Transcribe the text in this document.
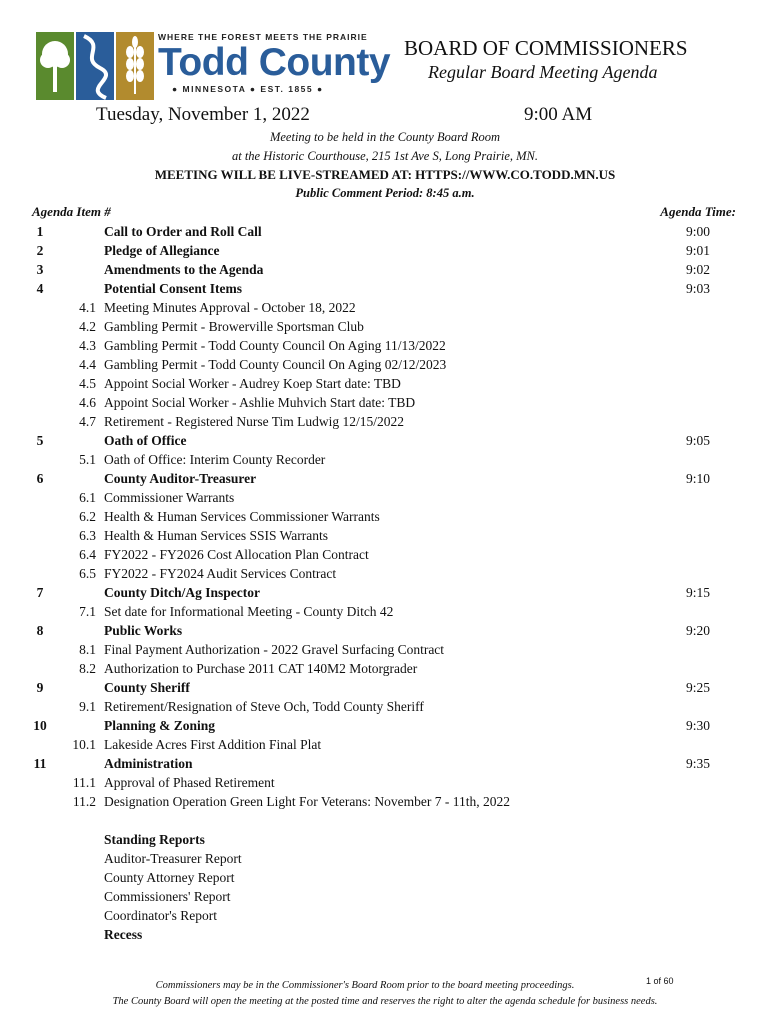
WHERE THE FOREST MEETS THE PRAIRIE
Todd County
● MINNESOTA ● EST. 1855 ●
BOARD OF COMMISSIONERS
Regular Board Meeting Agenda
Tuesday, November 1, 2022	9:00 AM
Meeting to be held in the County Board Room
at the Historic Courthouse, 215 1st Ave S, Long Prairie, MN.
MEETING WILL BE LIVE-STREAMED AT: HTTPS://WWW.CO.TODD.MN.US
Public Comment Period: 8:45 a.m.
Agenda Item #	Agenda Time:
1	Call to Order and Roll Call	9:00
2	Pledge of Allegiance	9:01
3	Amendments to the Agenda	9:02
4	Potential Consent Items	9:03
4.1 Meeting Minutes Approval - October 18, 2022
4.2 Gambling Permit - Browerville Sportsman Club
4.3 Gambling Permit - Todd County Council On Aging 11/13/2022
4.4 Gambling Permit - Todd County Council On Aging 02/12/2023
4.5 Appoint Social Worker - Audrey Koep Start date: TBD
4.6 Appoint Social Worker - Ashlie Muhvich Start date: TBD
4.7 Retirement - Registered Nurse Tim Ludwig 12/15/2022
5	Oath of Office	9:05
5.1 Oath of Office: Interim County Recorder
6	County Auditor-Treasurer	9:10
6.1 Commissioner Warrants
6.2 Health & Human Services Commissioner Warrants
6.3 Health & Human Services SSIS Warrants
6.4 FY2022 - FY2026 Cost Allocation Plan Contract
6.5 FY2022 - FY2024 Audit Services Contract
7	County Ditch/Ag Inspector	9:15
7.1 Set date for Informational Meeting - County Ditch 42
8	Public Works	9:20
8.1 Final Payment Authorization - 2022 Gravel Surfacing Contract
8.2 Authorization to Purchase 2011 CAT 140M2 Motorgrader
9	County Sheriff	9:25
9.1 Retirement/Resignation of Steve Och, Todd County Sheriff
10	Planning & Zoning	9:30
10.1 Lakeside Acres First Addition Final Plat
11	Administration	9:35
11.1 Approval of Phased Retirement
11.2 Designation Operation Green Light For Veterans: November 7 - 11th, 2022
Standing Reports
Auditor-Treasurer Report
County Attorney Report
Commissioners' Report
Coordinator's Report
Recess
Commissioners may be in the Commissioner's Board Room prior to the board meeting proceedings.	1 of 60
The County Board will open the meeting at the posted time and reserves the right to alter the agenda schedule for business needs.
